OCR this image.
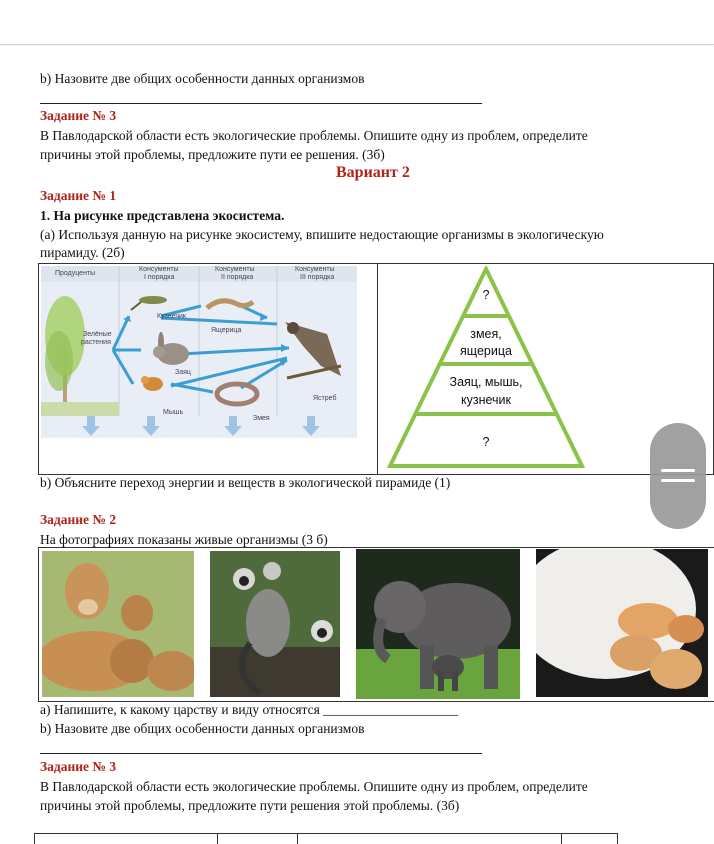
b) Назовите две общих особенности данных организмов
Задание № 3
В Павлодарской области есть экологические проблемы. Опишите одну из проблем, определите
причины этой проблемы, предложите пути ее решения. (3б)
Вариант 2
Задание № 1
1. На рисунке представлена экосистема.
(а) Используя данную на рисунке экосистему, впишите недостающие организмы в экологическую
пирамиду. (2б)
Продуценты
Консументы
I порядка
Консументы
II порядка
Консументы
III порядка
Зелёные
растения
Кузнечик
Заяц
Мышь
Ящерица
Змея
Ястреб
?
змея,
ящерица
Заяц, мышь,
кузнечик
?
b) Объясните переход энергии и веществ в экологической пирамиде (1)
Задание № 2
На фотографиях показаны живые организмы (3 б)
а) Напишите, к какому царству и виду относятся ____________________
b) Назовите две общих особенности данных организмов
Задание № 3
В Павлодарской области есть экологические проблемы. Опишите одну из проблем, определите
причины этой проблемы, предложите пути решения этой проблемы. (3б)
